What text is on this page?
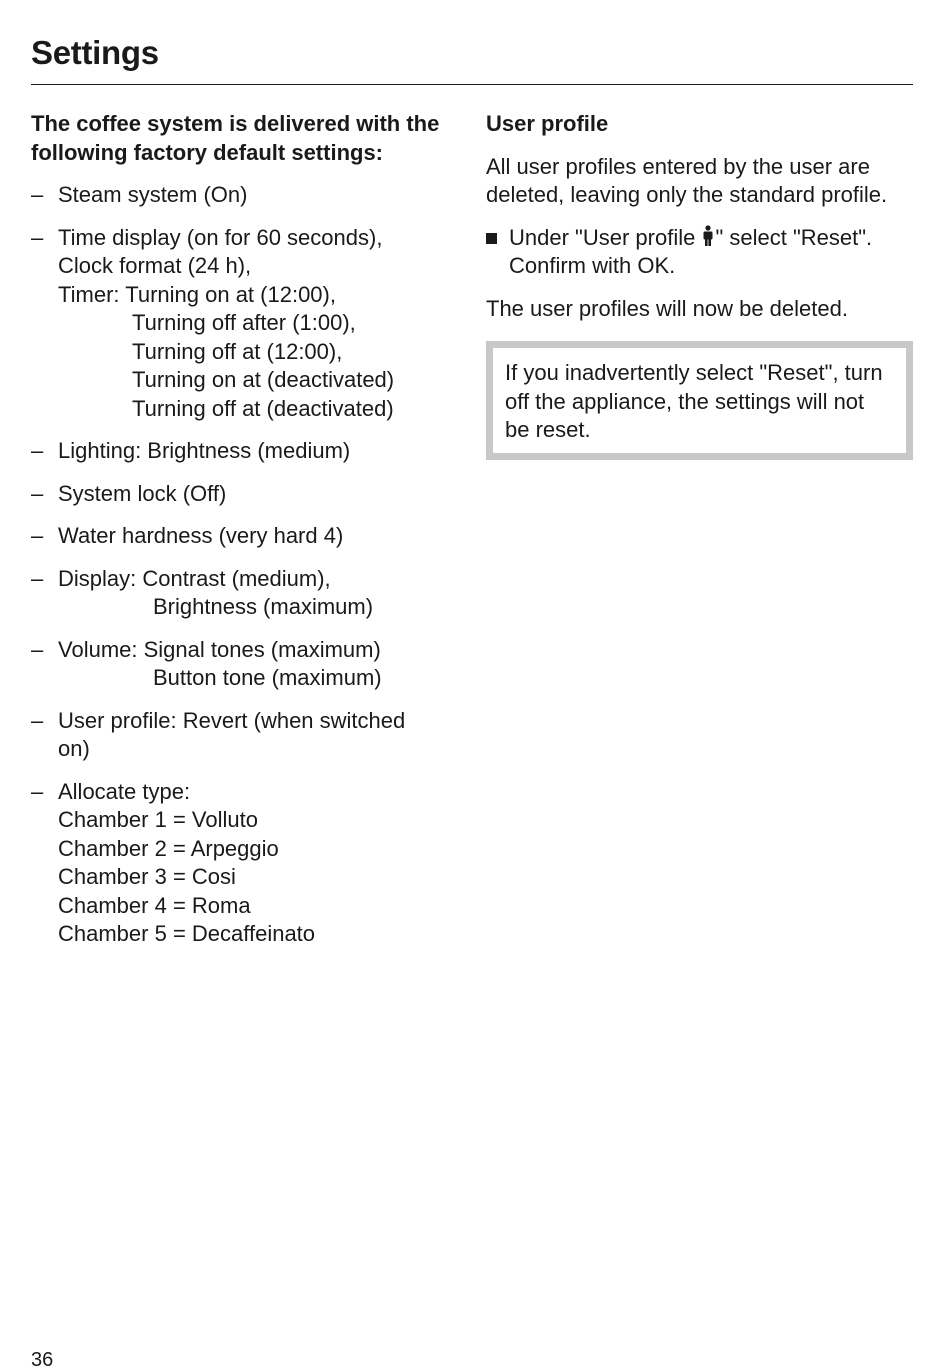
Settings

The coffee system is delivered with the following factory default settings:

– Steam system (On)
– Time display (on for 60 seconds),
Clock format (24 h),
Timer: Turning on at (12:00),
Turning off after (1:00),
Turning off at (12:00),
Turning on at (deactivated)
Turning off at (deactivated)
– Lighting: Brightness (medium)
– System lock (Off)
– Water hardness (very hard 4)
– Display: Contrast (medium),
Brightness (maximum)
– Volume: Signal tones (maximum)
Button tone (maximum)
– User profile: Revert (when switched
on)
– Allocate type:
Chamber 1 = Volluto
Chamber 2 = Arpeggio
Chamber 3 = Cosi
Chamber 4 = Roma
Chamber 5 = Decaffeinato

User profile

All user profiles entered by the user are deleted, leaving only the standard profile.

Under "User profile " select "Reset". Confirm with OK.

The user profiles will now be deleted.

If you inadvertently select "Reset", turn off the appliance, the settings will not be reset.
36
